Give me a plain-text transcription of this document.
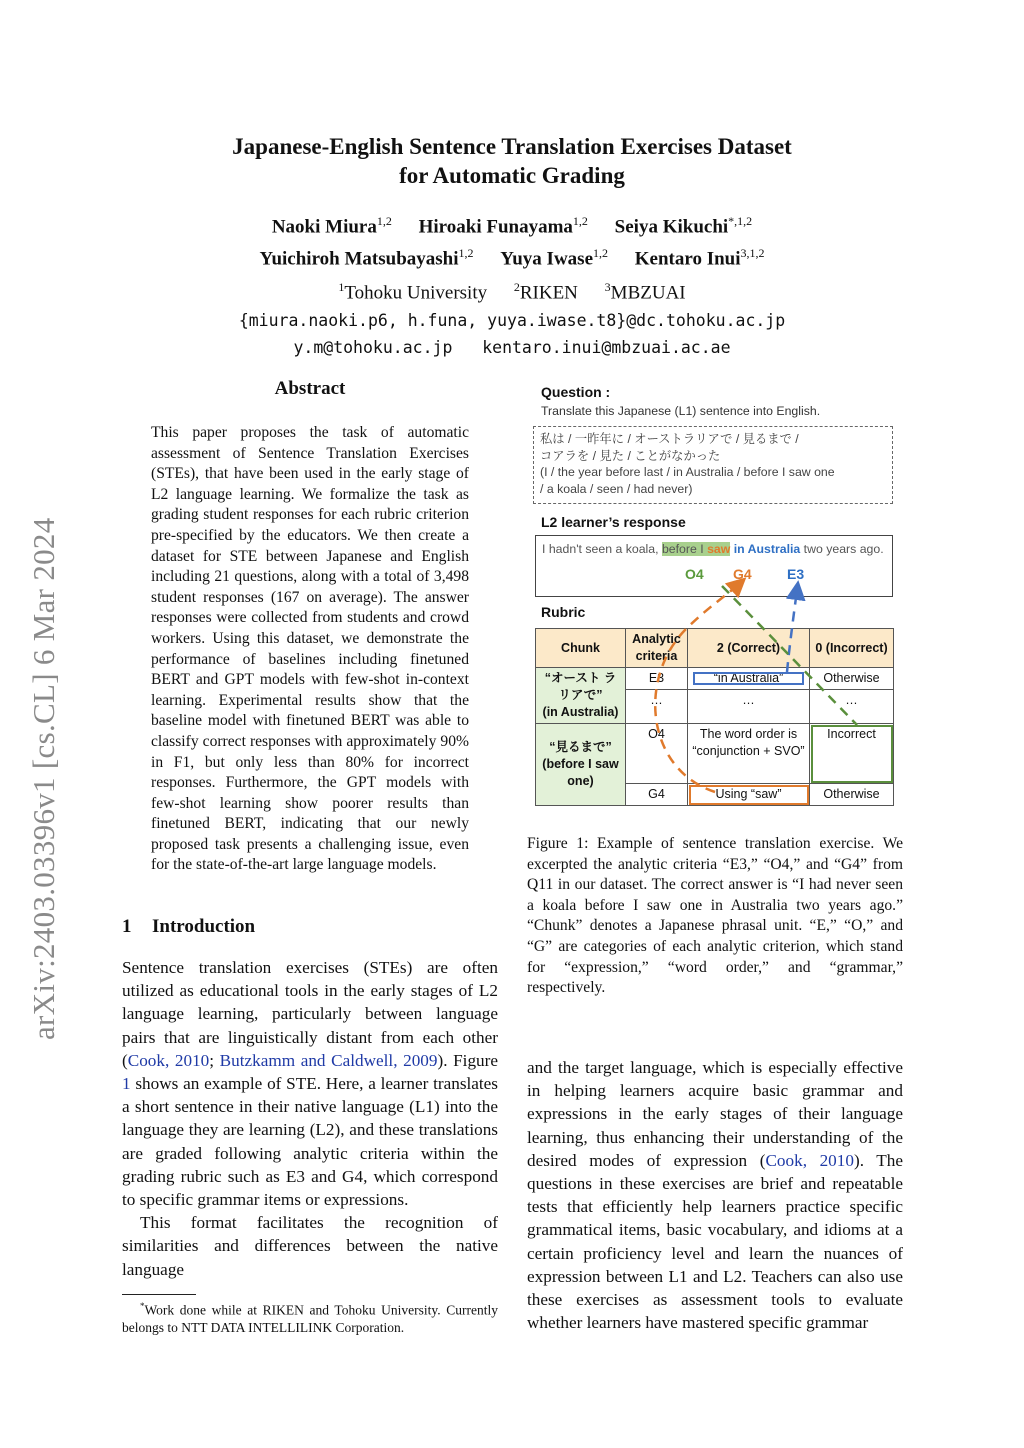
arXiv:2403.03396v1 [cs.CL] 6 Mar 2024
Japanese-English Sentence Translation Exercises Dataset
for Automatic Grading
Naoki Miura$^{1,2}$ Hiroaki Funayama$^{1,2}$ Seiya Kikuchi$^{*,1,2}$
Yuichiroh Matsubayashi$^{1,2}$ Yuya Iwase$^{1,2}$ Kentaro Inui$^{3,1,2}$
$^1$Tohoku University $^2$RIKEN $^3$MBZUAI
{miura.naoki.p6, h.funa, yuya.iwase.t8}@dc.tohoku.ac.jp
y.m@tohoku.ac.jp   kentaro.inui@mbzuai.ac.ae
Abstract
This paper proposes the task of automatic assessment of Sentence Translation Exercises (STEs), that have been used in the early stage of L2 language learning. We formalize the task as grading student responses for each rubric criterion pre-specified by the educators. We then create a dataset for STE between Japanese and English including 21 questions, along with a total of 3,498 student responses (167 on average). The answer responses were collected from students and crowd workers. Using this dataset, we demonstrate the performance of baselines including finetuned BERT and GPT models with few-shot in-context learning. Experimental results show that the baseline model with finetuned BERT was able to classify correct responses with approximately 90% in F1, but only less than 80% for incorrect responses. Furthermore, the GPT models with few-shot learning show poorer results than finetuned BERT, indicating that our newly proposed task presents a challenging issue, even for the state-of-the-art large language models.
1 Introduction

Sentence translation exercises (STEs) are often utilized as educational tools in the early stages of L2 language learning, particularly between language pairs that are linguistically distant from each other (Cook, 2010; Butzkamm and Caldwell, 2009). Figure 1 shows an example of STE. Here, a learner translates a short sentence in their native language (L1) into the language they are learning (L2), and these translations are graded following analytic criteria within the grading rubric such as E3 and G4, which correspond to specific grammar items or expressions.

This format facilitates the recognition of similarities and differences between the native language

*Work done while at RIKEN and Tohoku University. Currently belongs to NTT DATA INTELLILINK Corporation.
Question :
Translate this Japanese (L1) sentence into English.
私は / 一昨年に / オーストラリアで / 見るまで /
コアラを / 見た / ことがなかった
(I / the year before last / in Australia / before I saw one
/ a koala / seen / had never)
L2 learner’s response
I hadn't seen a koala, before I saw in Australia two years ago.
O4 G4	E3
Rubric
Chunk	Analytic criteria	2 (Correct)	0 (Incorrect)

“オースト ラリアで”
(in Australia)	E3	“in Australia”	Otherwise
	…	…	…

“見るまで”
(before I saw one)	O4	The word order is “conjunction + SVO”	Incorrect
	G4	Using “saw”	Otherwise
Figure 1: Example of sentence translation exercise. We excerpted the analytic criteria “E3,” “O4,” and “G4” from Q11 in our dataset. The correct answer is “I had never seen a koala before I saw one in Australia two years ago.” “Chunk” denotes a Japanese phrasal unit. “E,” “O,” and “G” are categories of each analytic criterion, which stand for “expression,” “word order,” and “grammar,” respectively.

and the target language, which is especially effective in helping learners acquire basic grammar and expressions in the early stages of their language learning, thus enhancing their understanding of the desired modes of expression (Cook, 2010). The questions in these exercises are brief and repeatable tests that efficiently help learners practice specific grammatical items, basic vocabulary, and idioms at a certain proficiency level and learn the nuances of expression between L1 and L2. Teachers can also use these exercises as assessment tools to evaluate whether learners have mastered specific grammar
